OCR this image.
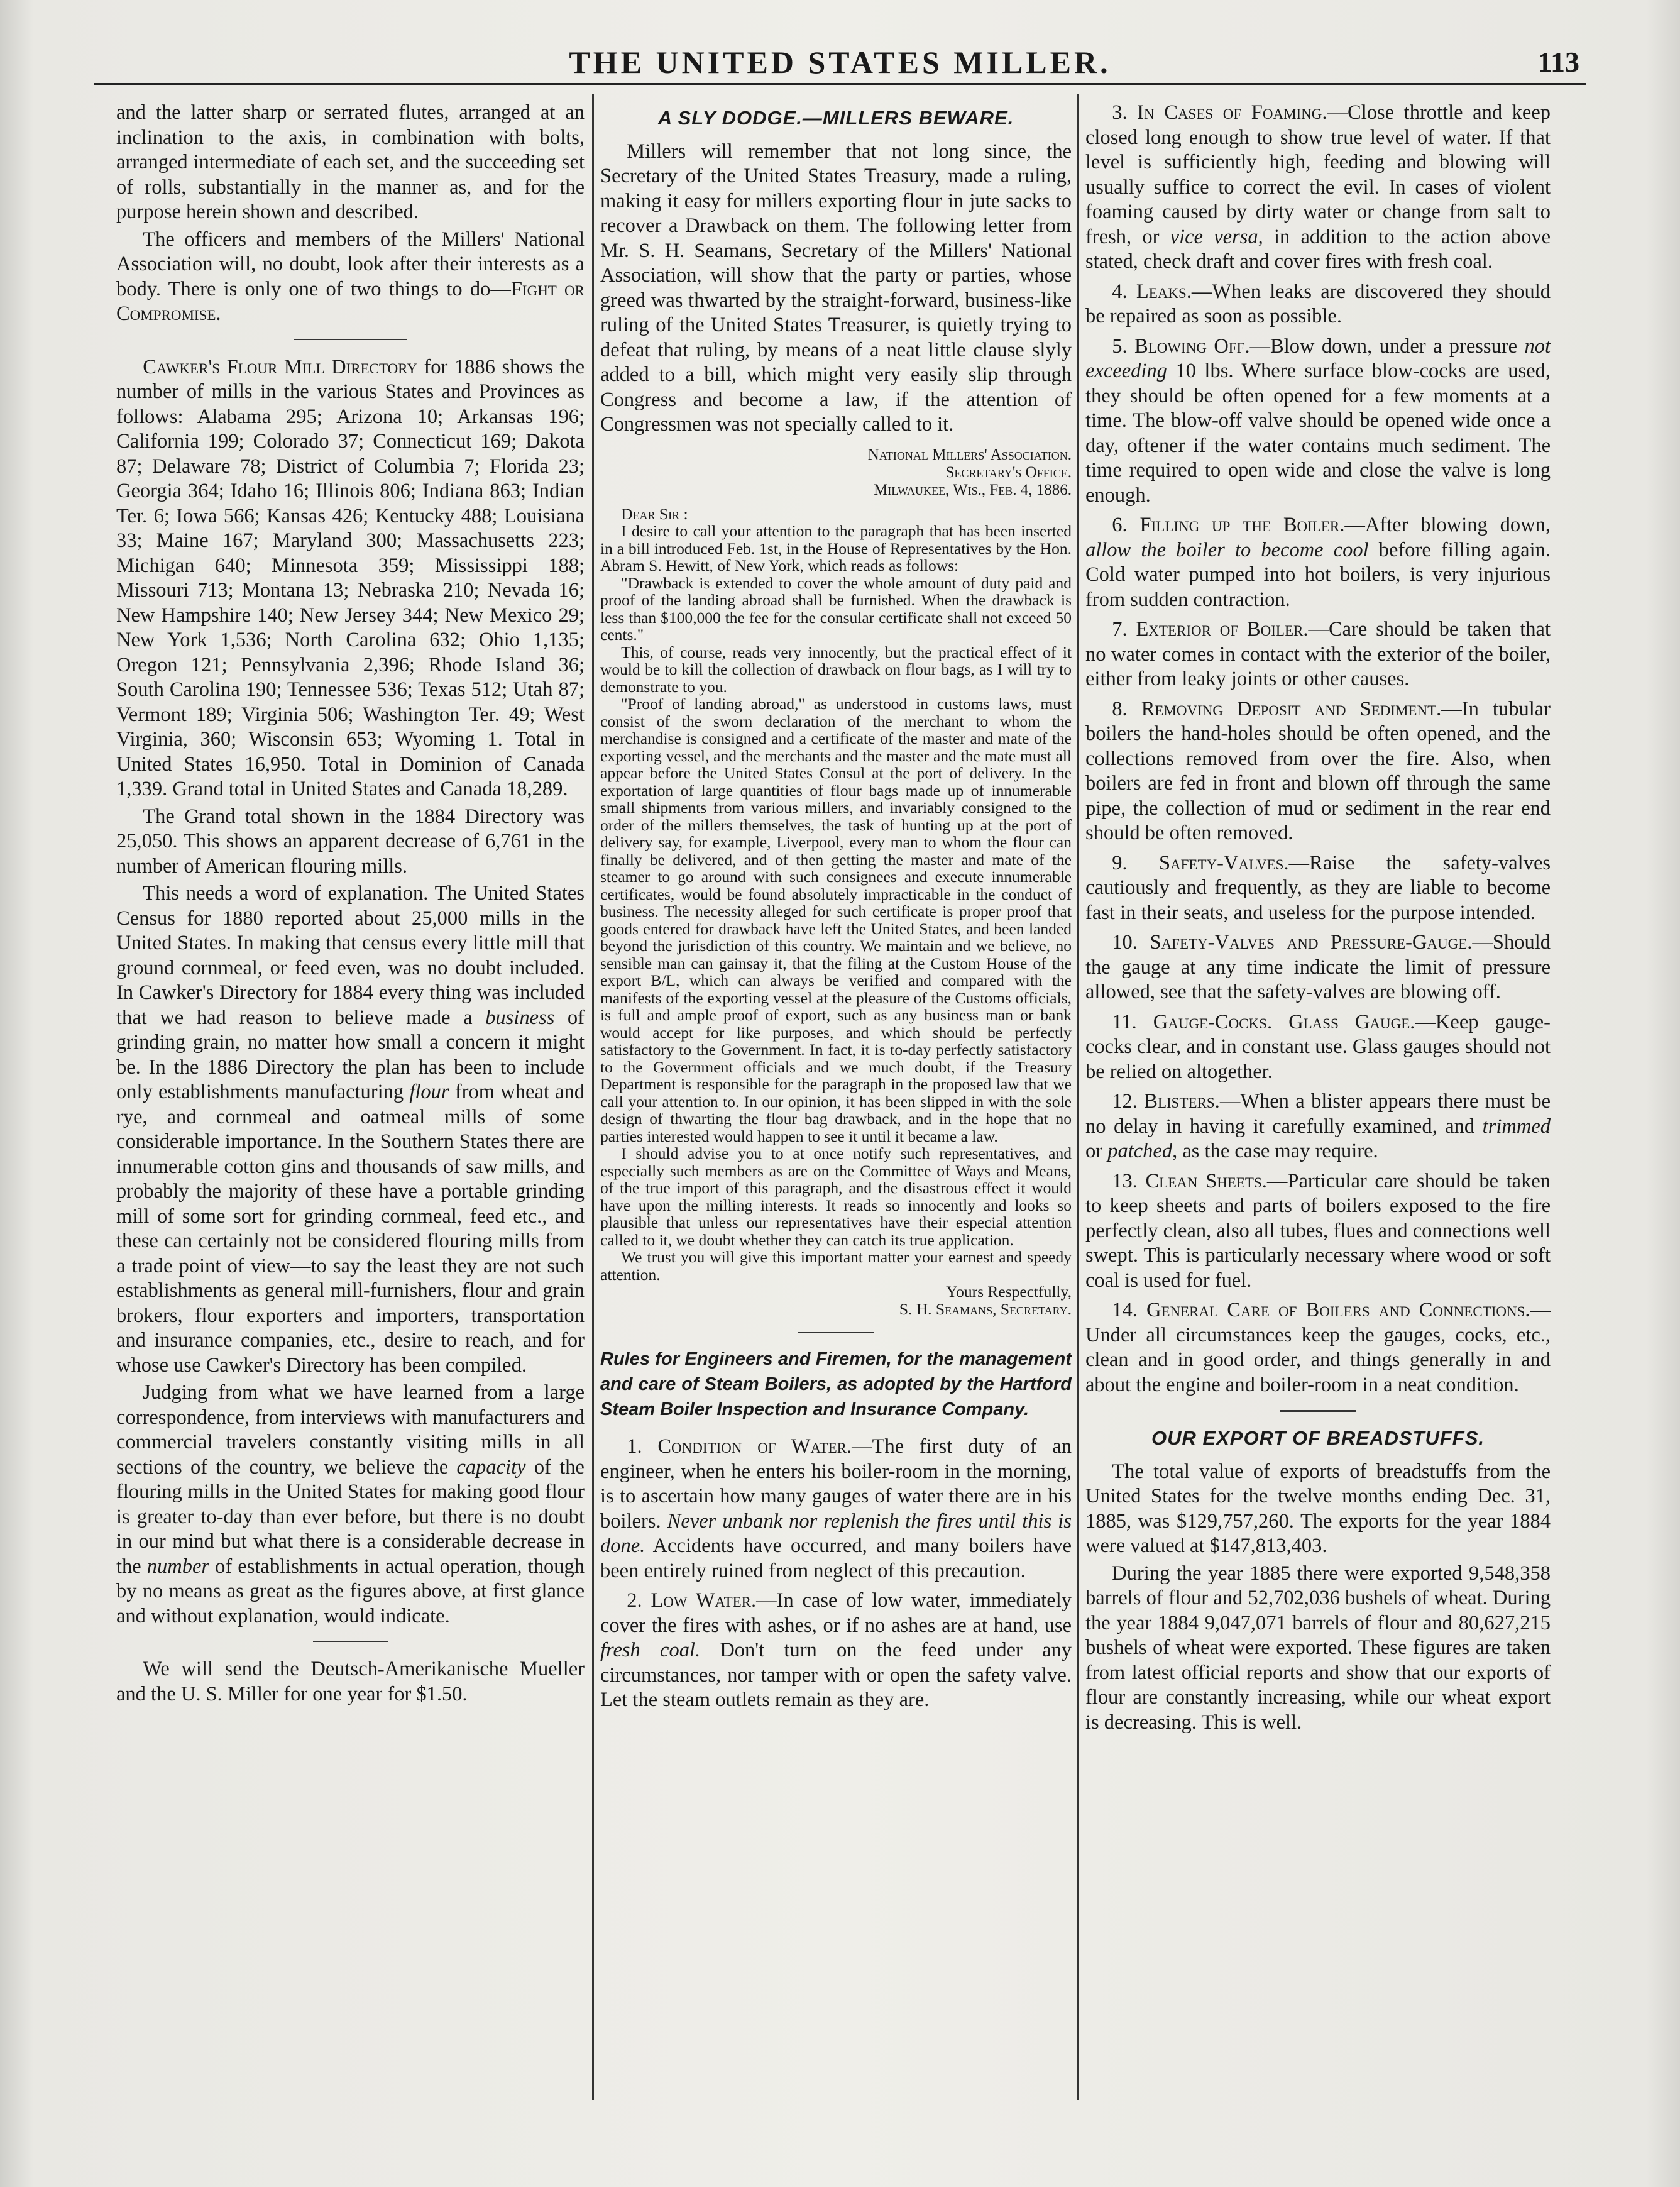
THE UNITED STATES MILLER.	113

and the latter sharp or serrated flutes, arranged at an inclination to the axis, in combination with bolts, arranged intermediate of each set, and the succeeding set of rolls, substantially in the manner as, and for the purpose herein shown and described.

The officers and members of the Millers' National Association will, no doubt, look after their interests as a body. There is only one of two things to do—Fight or Compromise.

Cawker's Flour Mill Directory for 1886 shows the number of mills in the various States and Provinces as follows: Alabama 295; Arizona 10; Arkansas 196; California 199; Colorado 37; Connecticut 169; Dakota 87; Delaware 78; District of Columbia 7; Florida 23; Georgia 364; Idaho 16; Illinois 806; Indiana 863; Indian Ter. 6; Iowa 566; Kansas 426; Kentucky 488; Louisiana 33; Maine 167; Maryland 300; Massachusetts 223; Michigan 640; Minnesota 359; Mississippi 188; Missouri 713; Montana 13; Nebraska 210; Nevada 16; New Hampshire 140; New Jersey 344; New Mexico 29; New York 1,536; North Carolina 632; Ohio 1,135; Oregon 121; Pennsylvania 2,396; Rhode Island 36; South Carolina 190; Tennessee 536; Texas 512; Utah 87; Vermont 189; Virginia 506; Washington Ter. 49; West Virginia, 360; Wisconsin 653; Wyoming 1. Total in United States 16,950. Total in Dominion of Canada 1,339. Grand total in United States and Canada 18,289.

The Grand total shown in the 1884 Directory was 25,050. This shows an apparent decrease of 6,761 in the number of American flouring mills.

This needs a word of explanation. The United States Census for 1880 reported about 25,000 mills in the United States. In making that census every little mill that ground cornmeal, or feed even, was no doubt included. In Cawker's Directory for 1884 every thing was included that we had reason to believe made a business of grinding grain, no matter how small a concern it might be. In the 1886 Directory the plan has been to include only establishments manufacturing flour from wheat and rye, and cornmeal and oatmeal mills of some considerable importance. In the Southern States there are innumerable cotton gins and thousands of saw mills, and probably the majority of these have a portable grinding mill of some sort for grinding cornmeal, feed etc., and these can certainly not be considered flouring mills from a trade point of view—to say the least they are not such establishments as general mill-furnishers, flour and grain brokers, flour exporters and importers, transportation and insurance companies, etc., desire to reach, and for whose use Cawker's Directory has been compiled.

Judging from what we have learned from a large correspondence, from interviews with manufacturers and commercial travelers constantly visiting mills in all sections of the country, we believe the capacity of the flouring mills in the United States for making good flour is greater to-day than ever before, but there is no doubt in our mind but what there is a considerable decrease in the number of establishments in actual operation, though by no means as great as the figures above, at first glance and without explanation, would indicate.

We will send the Deutsch-Amerikanische Mueller and the U. S. Miller for one year for $1.50.

A SLY DODGE.—MILLERS BEWARE.

Millers will remember that not long since, the Secretary of the United States Treasury, made a ruling, making it easy for millers exporting flour in jute sacks to recover a Drawback on them. The following letter from Mr. S. H. Seamans, Secretary of the Millers' National Association, will show that the party or parties, whose greed was thwarted by the straight-forward, business-like ruling of the United States Treasurer, is quietly trying to defeat that ruling, by means of a neat little clause slyly added to a bill, which might very easily slip through Congress and become a law, if the attention of Congressmen was not specially called to it.

National Millers' Association.
Secretary's Office.
Milwaukee, Wis., Feb. 4, 1886.

Dear Sir :

I desire to call your attention to the paragraph that has been inserted in a bill introduced Feb. 1st, in the House of Representatives by the Hon. Abram S. Hewitt, of New York, which reads as follows:

"Drawback is extended to cover the whole amount of duty paid and proof of the landing abroad shall be furnished. When the drawback is less than $100,000 the fee for the consular certificate shall not exceed 50 cents."

This, of course, reads very innocently, but the practical effect of it would be to kill the collection of drawback on flour bags, as I will try to demonstrate to you.

"Proof of landing abroad," as understood in customs laws, must consist of the sworn declaration of the merchant to whom the merchandise is consigned and a certificate of the master and mate of the exporting vessel, and the merchants and the master and the mate must all appear before the United States Consul at the port of delivery. In the exportation of large quantities of flour bags made up of innumerable small shipments from various millers, and invariably consigned to the order of the millers themselves, the task of hunting up at the port of delivery say, for example, Liverpool, every man to whom the flour can finally be delivered, and of then getting the master and mate of the steamer to go around with such consignees and execute innumerable certificates, would be found absolutely impracticable in the conduct of business. The necessity alleged for such certificate is proper proof that goods entered for drawback have left the United States, and been landed beyond the jurisdiction of this country. We maintain and we believe, no sensible man can gainsay it, that the filing at the Custom House of the export B/L, which can always be verified and compared with the manifests of the exporting vessel at the pleasure of the Customs officials, is full and ample proof of export, such as any business man or bank would accept for like purposes, and which should be perfectly satisfactory to the Government. In fact, it is to-day perfectly satisfactory to the Government officials and we much doubt, if the Treasury Department is responsible for the paragraph in the proposed law that we call your attention to. In our opinion, it has been slipped in with the sole design of thwarting the flour bag drawback, and in the hope that no parties interested would happen to see it until it became a law.

I should advise you to at once notify such representatives, and especially such members as are on the Committee of Ways and Means, of the true import of this paragraph, and the disastrous effect it would have upon the milling interests. It reads so innocently and looks so plausible that unless our representatives have their especial attention called to it, we doubt whether they can catch its true application.

We trust you will give this important matter your earnest and speedy attention.

Yours Respectfully,
S. H. Seamans, Secretary.
Rules for Engineers and Firemen, for the management and care of Steam Boilers, as adopted by the Hartford Steam Boiler Inspection and Insurance Company.

1. Condition of Water.—The first duty of an engineer, when he enters his boiler-room in the morning, is to ascertain how many gauges of water there are in his boilers. Never unbank nor replenish the fires until this is done. Accidents have occurred, and many boilers have been entirely ruined from neglect of this precaution.

2. Low Water.—In case of low water, immediately cover the fires with ashes, or if no ashes are at hand, use fresh coal. Don't turn on the feed under any circumstances, nor tamper with or open the safety valve. Let the steam outlets remain as they are.

3. In Cases of Foaming.—Close throttle and keep closed long enough to show true level of water. If that level is sufficiently high, feeding and blowing will usually suffice to correct the evil. In cases of violent foaming caused by dirty water or change from salt to fresh, or vice versa, in addition to the action above stated, check draft and cover fires with fresh coal.

4. Leaks.—When leaks are discovered they should be repaired as soon as possible.

5. Blowing Off.—Blow down, under a pressure not exceeding 10 lbs. Where surface blow-cocks are used, they should be often opened for a few moments at a time. The blow-off valve should be opened wide once a day, oftener if the water contains much sediment. The time required to open wide and close the valve is long enough.

6. Filling up the Boiler.—After blowing down, allow the boiler to become cool before filling again. Cold water pumped into hot boilers, is very injurious from sudden contraction.

7. Exterior of Boiler.—Care should be taken that no water comes in contact with the exterior of the boiler, either from leaky joints or other causes.

8. Removing Deposit and Sediment.—In tubular boilers the hand-holes should be often opened, and the collections removed from over the fire. Also, when boilers are fed in front and blown off through the same pipe, the collection of mud or sediment in the rear end should be often removed.

9. Safety-Valves.—Raise the safety-valves cautiously and frequently, as they are liable to become fast in their seats, and useless for the purpose intended.

10. Safety-Valves and Pressure-Gauge.—Should the gauge at any time indicate the limit of pressure allowed, see that the safety-valves are blowing off.

11. Gauge-Cocks. Glass Gauge.—Keep gauge-cocks clear, and in constant use. Glass gauges should not be relied on altogether.

12. Blisters.—When a blister appears there must be no delay in having it carefully examined, and trimmed or patched, as the case may require.

13. Clean Sheets.—Particular care should be taken to keep sheets and parts of boilers exposed to the fire perfectly clean, also all tubes, flues and connections well swept. This is particularly necessary where wood or soft coal is used for fuel.

14. General Care of Boilers and Connections.—Under all circumstances keep the gauges, cocks, etc., clean and in good order, and things generally in and about the engine and boiler-room in a neat condition.

OUR EXPORT OF BREADSTUFFS.

The total value of exports of breadstuffs from the United States for the twelve months ending Dec. 31, 1885, was $129,757,260. The exports for the year 1884 were valued at $147,813,403.

During the year 1885 there were exported 9,548,358 barrels of flour and 52,702,036 bushels of wheat. During the year 1884 9,047,071 barrels of flour and 80,627,215 bushels of wheat were exported. These figures are taken from latest official reports and show that our exports of flour are constantly increasing, while our wheat export is decreasing. This is well.
